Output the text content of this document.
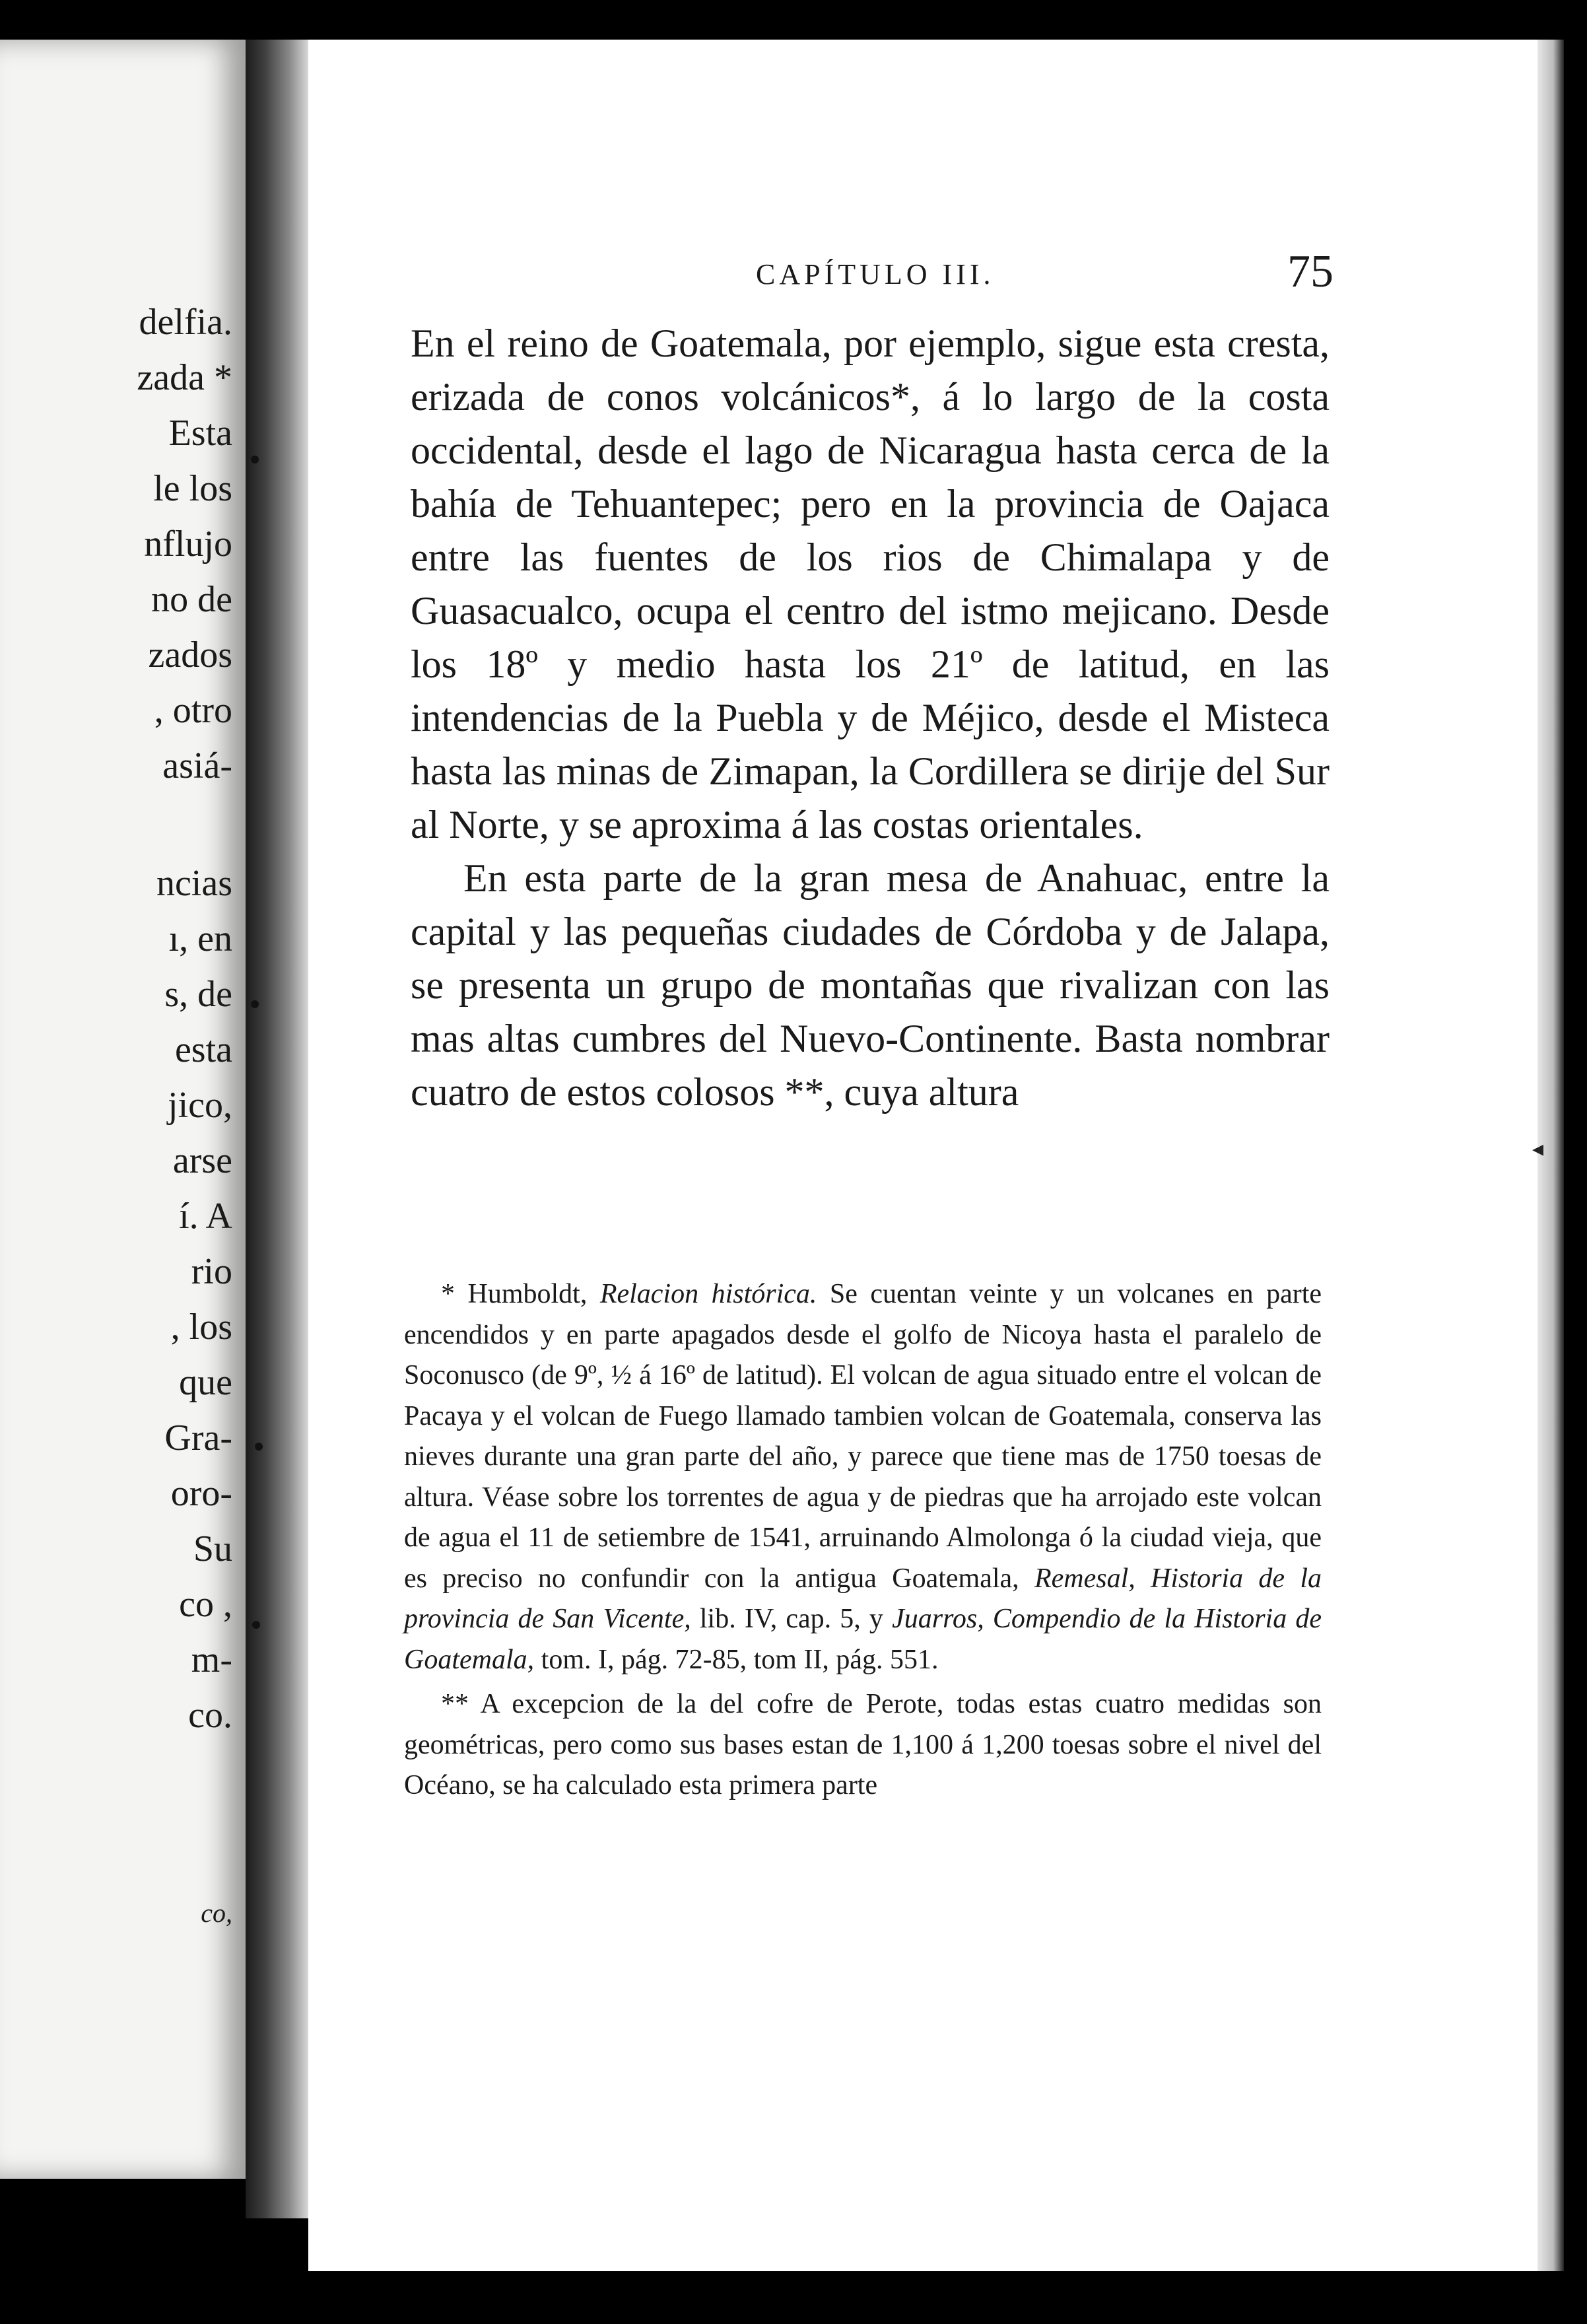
delfia.
zada *
Esta
le los
nflujo
no de
zados
, otro
asiá-
ncias
ı, en
s, de
esta
jico,
arse
í. A
rio
, los
que
Gra-
oro-
Su
co ,
m-
co.
co,
◂
CAPÍTULO III.	75

En el reino de Goatemala, por ejemplo, sigue esta cresta, erizada de conos volcánicos*, á lo largo de la costa occidental, desde el lago de Nicaragua hasta cerca de la bahía de Tehuantepec; pero en la provincia de Oajaca entre las fuentes de los rios de Chimalapa y de Guasacualco, ocupa el centro del istmo mejicano. Desde los 18º y medio hasta los 21º de latitud, en las intendencias de la Puebla y de Méjico, desde el Misteca hasta las minas de Zimapan, la Cordillera se dirije del Sur al Norte, y se aproxima á las costas orientales.

En esta parte de la gran mesa de Anahuac, entre la capital y las pequeñas ciudades de Córdoba y de Jalapa, se presenta un grupo de montañas que rivalizan con las mas altas cumbres del Nuevo-Continente. Basta nombrar cuatro de estos colosos **, cuya altura

* Humboldt, Relacion histórica. Se cuentan veinte y un volcanes en parte encendidos y en parte apagados desde el golfo de Nicoya hasta el paralelo de Soconusco (de 9º, ½ á 16º de latitud). El volcan de agua situado entre el volcan de Pacaya y el volcan de Fuego llamado tambien volcan de Goatemala, conserva las nieves durante una gran parte del año, y parece que tiene mas de 1750 toesas de altura. Véase sobre los torrentes de agua y de piedras que ha arrojado este volcan de agua el 11 de setiembre de 1541, arruinando Almolonga ó la ciudad vieja, que es preciso no confundir con la antigua Goatemala, Remesal, Historia de la provincia de San Vicente, lib. IV, cap. 5, y Juarros, Compendio de la Historia de Goatemala, tom. I, pág. 72-85, tom II, pág. 551.

** A excepcion de la del cofre de Perote, todas estas cuatro medidas son geométricas, pero como sus bases estan de 1,100 á 1,200 toesas sobre el nivel del Océano, se ha calculado esta primera parte
